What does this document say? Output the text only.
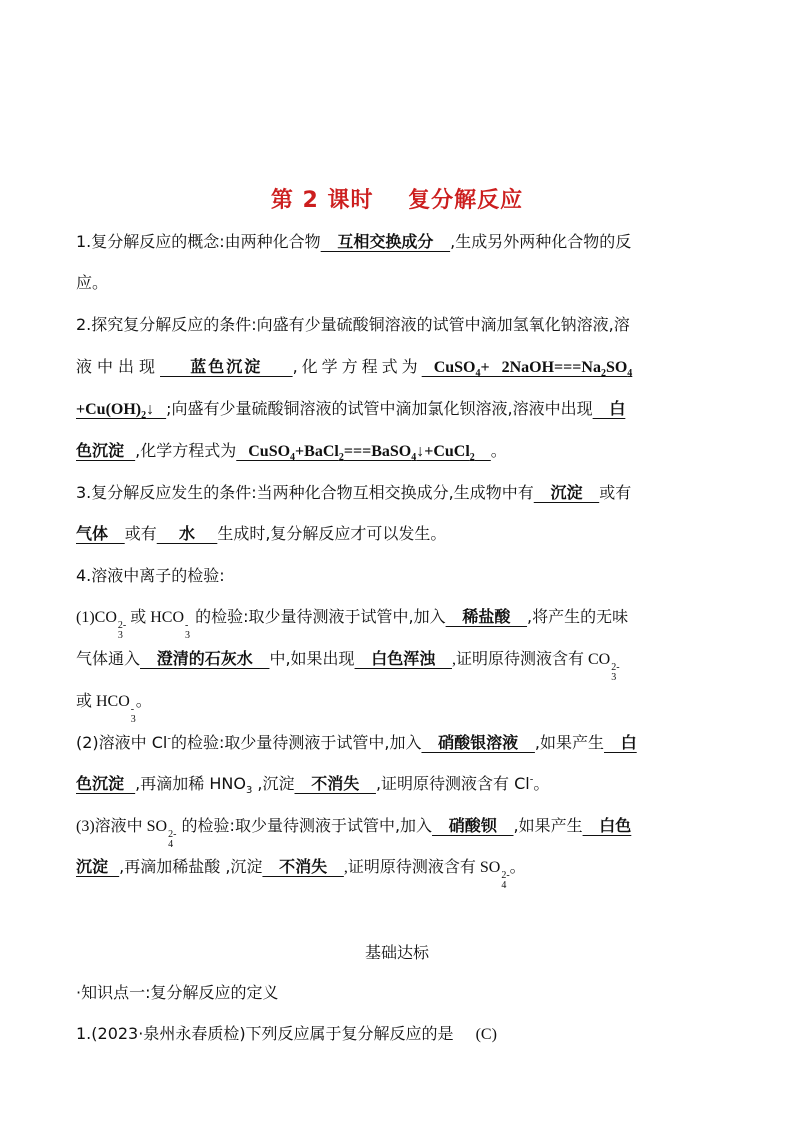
第 2 课时    复分解反应
1.复分解反应的概念:由两种化合物   互相交换成分   ,生成另外两种化合物的反
应。
2.探究复分解反应的条件:向盛有少量硫酸铜溶液的试管中滴加氢氧化钠溶液,溶
液中出现    蓝色沉淀    ,化学方程式为   CuSO$_4$+   $2NaOH===Na_2SO_4$
$+Cu(OH)_2↓$   ;向盛有少量硫酸铜溶液的试管中滴加氯化钡溶液,溶液中出现   白
色沉淀  ,化学方程式为   CuSO$_4$+BaCl$_2$===BaSO$_4$↓+CuCl$_2$ 。
3.复分解反应发生的条件:当两种化合物互相交换成分,生成物中有   沉淀   或有
气体   或有    水    生成时,复分解反应才可以发生。
4.溶液中离子的检验:
(1)CO 2-
3
或 HCO -
3
的检验:取少量待测液于试管中,加入   稀盐酸   ,将产生的无味
气体通入   澄清的石灰水   中,如果出现   白色浑浊   ,证明原待测液含有 CO 2-
3
或 HCO -
3
。
(2)溶液中 Cl-的检验:取少量待测液于试管中,加入   硝酸银溶液   ,如果产生   白
色沉淀  ,再滴加稀 $HNO_3$ ,沉淀   不消失   ,证明原待测液含有 Cl-。
(3)溶液中 SO 2-
4
的检验:取少量待测液于试管中,加入   硝酸钡   ,如果产生   白色
沉淀  ,再滴加稀盐酸 ,沉淀   不消失   ,证明原待测液含有 SO 2-
4
。
基础达标
·知识点一:复分解反应的定义
1.(2023·泉州永春质检)下列反应属于复分解反应的是 (C)
